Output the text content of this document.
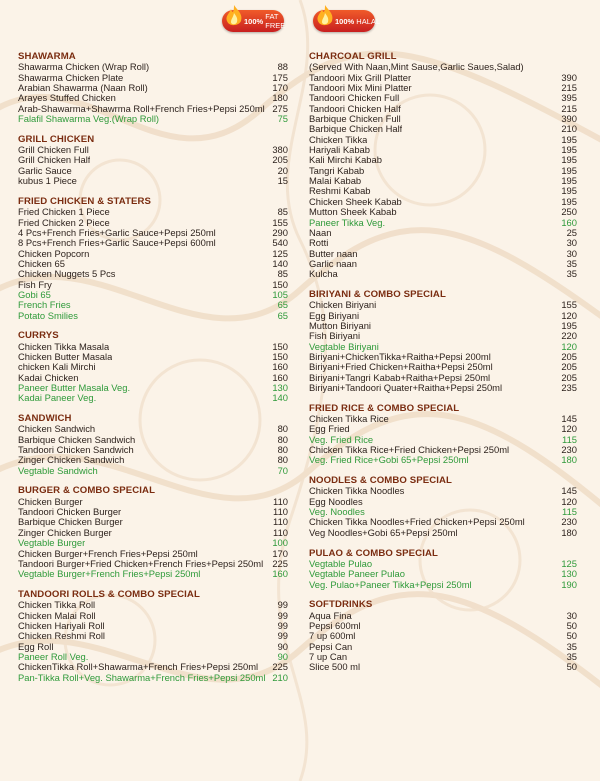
100%
FAT FREE	100%
HALAL
SHAWARMA
Shawarma Chicken (Wrap Roll)	88
Shawarma Chicken Plate	175
Arabian Shawarma (Naan Roll)	170
Arayes Stuffed Chicken	180
Arab-Shawarma+Shawrma Roll+French Fries+Pepsi 250ml 275
Falafil Shawarma Veg.(Wrap Roll)	75
GRILL CHICKEN
Grill Chicken Full	380
Grill Chicken Half	205
Garlic Sauce	20
kubus 1 Piece	15
FRIED CHICKEN & STATERS
Fried Chicken 1 Piece	85
Fried Chicken 2 Piece	155
4 Pcs+French Fries+Garlic Sauce+Pepsi 250ml	290
8 Pcs+French Fries+Garlic Sauce+Pepsi 600ml	540
Chicken Popcorn	125
Chicken 65	140
Chicken Nuggets 5 Pcs	85
Fish Fry	150
Gobi 65	105
French Fries	65
Potato Smilies	65
CURRYS
Chicken Tikka Masala	150
Chicken Butter Masala	150
chicken Kali Mirchi	160
Kadai Chicken	160
Paneer Butter Masala Veg.	130
Kadai Paneer Veg.	140
SANDWICH
Chicken Sandwich	80
Barbique Chicken Sandwich	80
Tandoori Chicken Sandwich	80
Zinger Chicken Sandwich	80
Vegtable Sandwich	70
BURGER & COMBO SPECIAL
Chicken Burger	110
Tandoori Chicken Burger	110
Barbique Chicken Burger	110
Zinger Chicken Burger	110
Vegtable Burger	100
Chicken Burger+French Fries+Pepsi 250ml	170
Tandoori Burger+Fried Chicken+French Fries+Pepsi 250ml 225
Vegtable Burger+French Fries+Pepsi 250ml	160
TANDOORI ROLLS & COMBO SPECIAL
Chicken Tikka Roll	99
Chicken Malai Roll	99
Chicken Hariyali Roll	99
Chicken Reshmi Roll	99
Egg Roll	90
Paneer Roll Veg.	90
ChickenTikka Roll+Shawarma+French Fries+Pepsi 250ml	225
Pan-Tikka Roll+Veg. Shawarma+French Fries+Pepsi 250ml 210
CHARCOAL GRILL
(Served With Naan,Mint Sause,Garlic Saues,Salad)
Tandoori Mix Grill Platter	390
Tandoori Mix Mini Platter	215
Tandoori Chicken Full	395
Tandoori Chicken Half	215
Barbique Chicken Full	390
Barbique Chicken Half	210
Chicken Tikka	195
Hariyali Kabab	195
Kali Mirchi Kabab	195
Tangri Kabab	195
Malai Kabab	195
Reshmi Kabab	195
Chicken Sheek Kabab	195
Mutton Sheek Kabab	250
Paneer Tikka Veg.	160
Naan	25
Rotti	30
Butter naan	30
Garlic naan	35
Kulcha	35
BIRIYANI & COMBO SPECIAL
Chicken Biriyani	155
Egg Biriyani	120
Mutton Biriyani	195
Fish Biriyani	220
Vegtable Biriyani	120
Biriyani+ChickenTikka+Raitha+Pepsi 200ml	205
Biriyani+Fried Chicken+Raitha+Pepsi 250ml	205
Biriyani+Tangri Kabab+Raitha+Pepsi 250ml	205
Biriyani+Tandoori Quater+Raitha+Pepsi 250ml	235
FRIED RICE & COMBO SPECIAL
Chicken Tikka Rice	145
Egg Fried	120
Veg. Fried Rice	115
Chicken Tikka Rice+Fried Chicken+Pepsi 250ml	230
Veg. Fried Rice+Gobi 65+Pepsi 250ml	180
NOODLES & COMBO SPECIAL
Chicken Tikka Noodles	145
Egg Noodles	120
Veg. Noodles	115
Chicken Tikka Noodles+Fried Chicken+Pepsi 250ml	230
Veg Noodles+Gobi 65+Pepsi 250ml	180
PULAO & COMBO SPECIAL
Vegtable Pulao	125
Vegtable Paneer Pulao	130
Veg. Pulao+Paneer Tikka+Pepsi 250ml	190
SOFTDRINKS
Aqua Fina	30
Pepsi 600ml	50
7 up 600ml	50
Pepsi Can	35
7 up Can	35
Slice 500 ml	50
